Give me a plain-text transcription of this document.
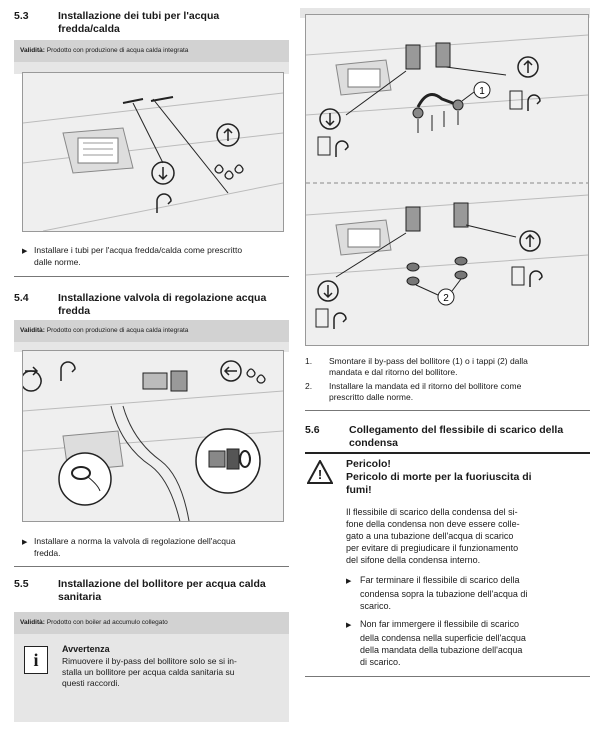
5.3	Installazione dei tubi per l'acqua
fredda/calda
Validità: Prodotto con produzione di acqua calda integrata
▶ Installare i tubi per l'acqua fredda/calda come prescritto
dalle norme.
5.4	Installazione valvola di regolazione acqua
fredda
Validità: Prodotto con produzione di acqua calda integrata
▶ Installare a norma la valvola di regolazione dell'acqua
fredda.
5.5	Installazione del bollitore per acqua calda
sanitaria
Validità: Prodotto con boiler ad accumulo collegato
i
Avvertenza
Rimuovere il by-pass del bollitore solo se si in-
stalla un bollitore per acqua calda sanitaria su
questi raccordi.
1
2
1. Smontare il by-pass del bollitore (1) o i tappi (2) dalla
mandata e dal ritorno del bollitore.
2. Installare la mandata ed il ritorno del bollitore come
prescritto dalle norme.
5.6	Collegamento del flessibile di scarico della
condensa
!
Pericolo!
Pericolo di morte per la fuoriuscita di
fumi!
Il flessibile di scarico della condensa del si-
fone della condensa non deve essere colle-
gato a una tubazione dell'acqua di scarico
per evitare di pregiudicare il funzionamento
del sifone della condensa interno.
▶ Far terminare il flessibile di scarico della
condensa sopra la tubazione dell'acqua di
scarico.
▶ Non far immergere il flessibile di scarico
della condensa nella superficie dell'acqua
della mandata della tubazione dell'acqua
di scarico.
